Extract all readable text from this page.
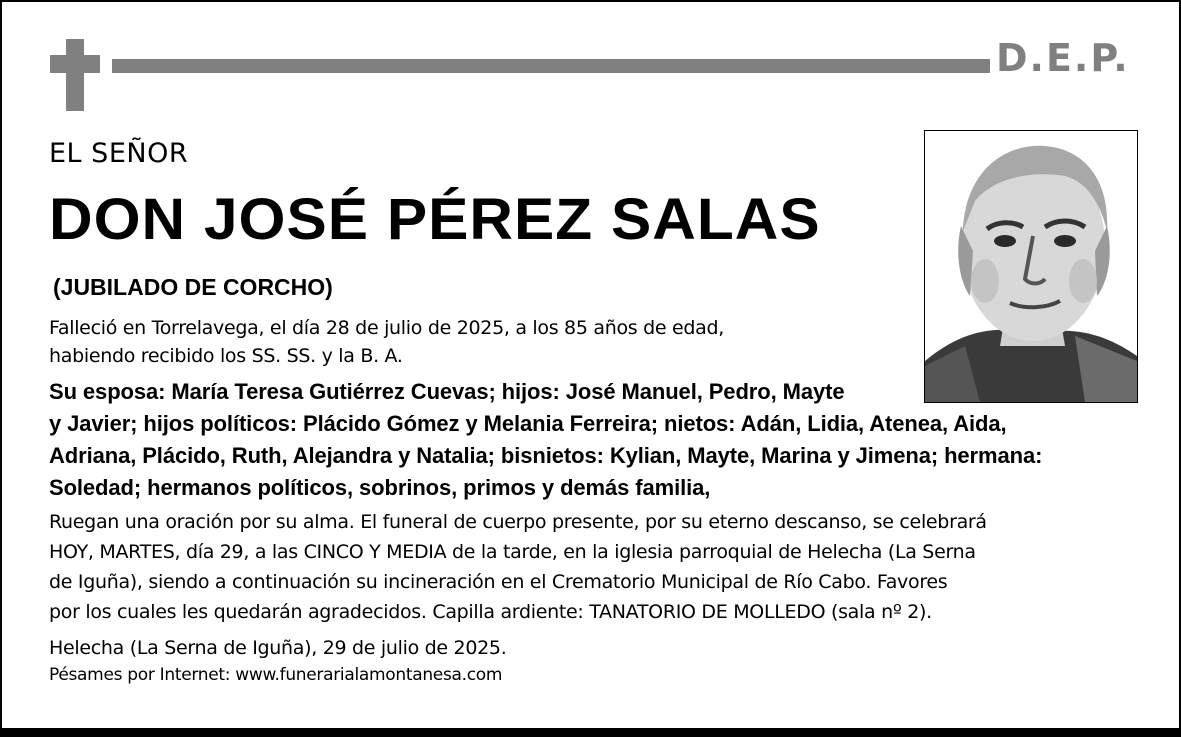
D.E.P.
EL SEÑOR
DON JOSÉ PÉREZ SALAS
(JUBILADO DE CORCHO)
Falleció en Torrelavega, el día 28 de julio de 2025, a los 85 años de edad,
habiendo recibido los SS. SS. y la B. A.
Su esposa: María Teresa Gutiérrez Cuevas; hijos: José Manuel, Pedro, Mayte
y Javier; hijos políticos: Plácido Gómez y Melania Ferreira; nietos: Adán, Lidia, Atenea, Aida,
Adriana, Plácido, Ruth, Alejandra y Natalia; bisnietos: Kylian, Mayte, Marina y Jimena; hermana:
Soledad; hermanos políticos, sobrinos, primos y demás familia,
Ruegan una oración por su alma. El funeral de cuerpo presente, por su eterno descanso, se celebrará
HOY, MARTES, día 29, a las CINCO Y MEDIA de la tarde, en la iglesia parroquial de Helecha (La Serna
de Iguña), siendo a continuación su incineración en el Crematorio Municipal de Río Cabo. Favores
por los cuales les quedarán agradecidos. Capilla ardiente: TANATORIO DE MOLLEDO (sala nº 2).
Helecha (La Serna de Iguña), 29 de julio de 2025.
Pésames por Internet: www.funerarialamontanesa.com
